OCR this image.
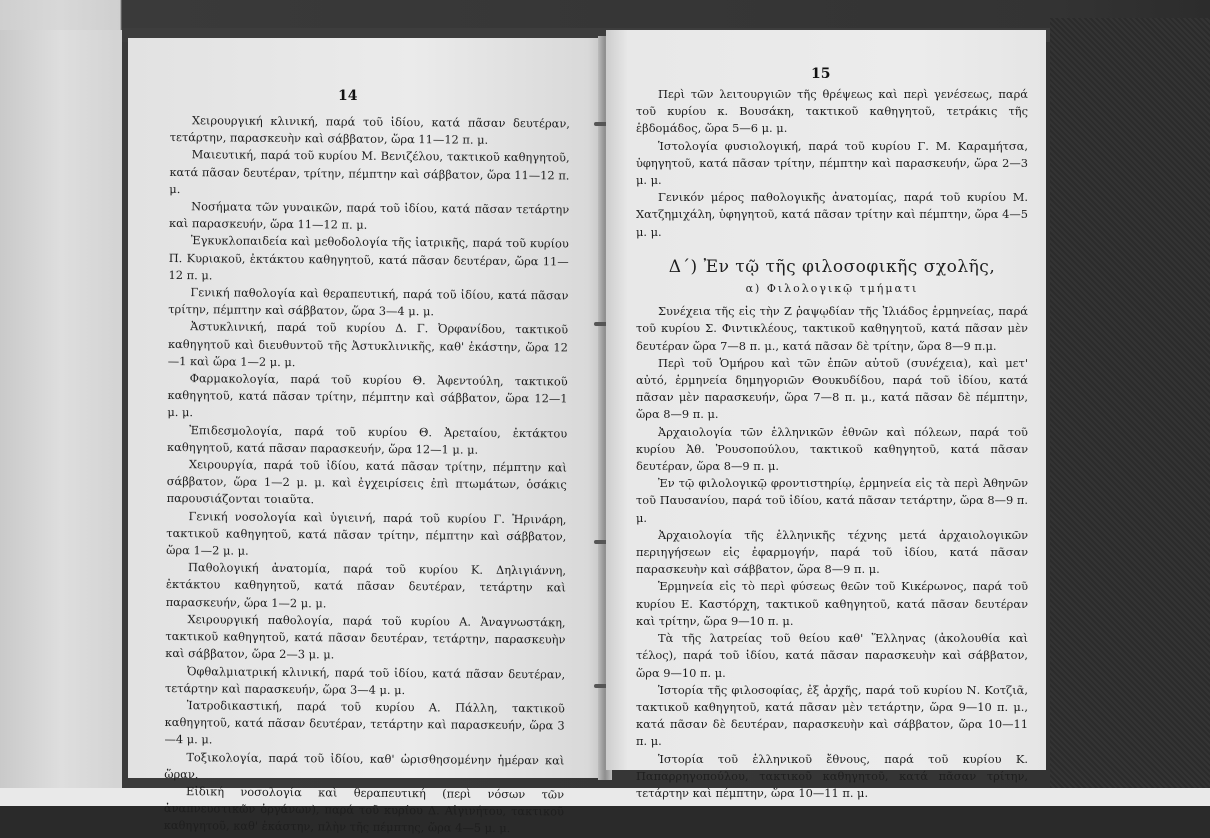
14

Χειρουργική κλινική, παρά τοῦ ἰδίου, κατά πᾶσαν δευτέραν, τετάρτην, παρασκευὴν καὶ σάββατον, ὥρα 11—12 π. μ.

Μαιευτική, παρά τοῦ κυρίου Μ. Βενιζέλου, τακτικοῦ καθηγητοῦ, κατά πᾶσαν δευτέραν, τρίτην, πέμπτην καὶ σάββατον, ὥρα 11—12 π. μ.

Νοσήματα τῶν γυναικῶν, παρά τοῦ ἰδίου, κατά πᾶσαν τετάρτην καὶ παρασκευήν, ὥρα 11—12 π. μ.

Ἐγκυκλοπαιδεία καὶ μεθοδολογία τῆς ἰατρικῆς, παρά τοῦ κυρίου Π. Κυριακοῦ, ἐκτάκτου καθηγητοῦ, κατά πᾶσαν δευτέραν, ὥρα 11—12 π. μ.

Γενική παθολογία καὶ θεραπευτική, παρά τοῦ ἰδίου, κατά πᾶσαν τρίτην, πέμπτην καὶ σάββατον, ὥρα 3—4 μ. μ.

Ἀστυκλινική, παρά τοῦ κυρίου Δ. Γ. Ὀρφανίδου, τακτικοῦ καθηγητοῦ καὶ διευθυντοῦ τῆς Ἀστυκλινικῆς, καθ' ἑκάστην, ὥρα 12—1 καὶ ὥρα 1—2 μ. μ.

Φαρμακολογία, παρά τοῦ κυρίου Θ. Ἀφεντούλη, τακτικοῦ καθηγητοῦ, κατά πᾶσαν τρίτην, πέμπτην καὶ σάββατον, ὥρα 12—1 μ. μ.

Ἐπιδεσμολογία, παρά τοῦ κυρίου Θ. Ἀρεταίου, ἐκτάκτου καθηγητοῦ, κατά πᾶσαν παρασκευήν, ὥρα 12—1 μ. μ.

Χειρουργία, παρά τοῦ ἰδίου, κατά πᾶσαν τρίτην, πέμπτην καὶ σάββατον, ὥρα 1—2 μ. μ. καὶ ἐγχειρίσεις ἐπὶ πτωμάτων, ὁσάκις παρουσιάζονται τοιαῦτα.

Γενική νοσολογία καὶ ὑγιεινή, παρά τοῦ κυρίου Γ. Ἠρινάρη, τακτικοῦ καθηγητοῦ, κατά πᾶσαν τρίτην, πέμπτην καὶ σάββατον, ὥρα 1—2 μ. μ.

Παθολογική ἀνατομία, παρά τοῦ κυρίου Κ. Δηλιγιάννη, ἐκτάκτου καθηγητοῦ, κατά πᾶσαν δευτέραν, τετάρτην καὶ παρασκευήν, ὥρα 1—2 μ. μ.

Χειρουργική παθολογία, παρά τοῦ κυρίου Α. Ἀναγνωστάκη, τακτικοῦ καθηγητοῦ, κατά πᾶσαν δευτέραν, τετάρτην, παρασκευὴν καὶ σάββατον, ὥρα 2—3 μ. μ.

Ὀφθαλμιατρική κλινική, παρά τοῦ ἰδίου, κατά πᾶσαν δευτέραν, τετάρτην καὶ παρασκευήν, ὥρα 3—4 μ. μ.

Ἰατροδικαστική, παρά τοῦ κυρίου Α. Πάλλη, τακτικοῦ καθηγητοῦ, κατά πᾶσαν δευτέραν, τετάρτην καὶ παρασκευήν, ὥρα 3—4 μ. μ.

Τοξικολογία, παρά τοῦ ἰδίου, καθ' ὡρισθησομένην ἡμέραν καὶ ὥραν.

Εἰδική νοσολογία καὶ θεραπευτική (περὶ νόσων τῶν ἀναπνευστικῶν ὀργάνων), παρά τοῦ κυρίου Δ. Αἰγινήτου, τακτικοῦ καθηγητοῦ, καθ' ἑκάστην, πλὴν τῆς πέμπτης, ὥρα 4—5 μ. μ.

15

Περὶ τῶν λειτουργιῶν τῆς θρέψεως καὶ περὶ γενέσεως, παρά τοῦ κυρίου κ. Βουσάκη, τακτικοῦ καθηγητοῦ, τετράκις τῆς ἑβδομάδος, ὥρα 5—6 μ. μ.

Ἱστολογία φυσιολογική, παρά τοῦ κυρίου Γ. Μ. Καραμήτσα, ὑφηγητοῦ, κατά πᾶσαν τρίτην, πέμπτην καὶ παρασκευήν, ὥρα 2—3 μ. μ.

Γενικόν μέρος παθολογικῆς ἀνατομίας, παρά τοῦ κυρίου Μ. Χατζημιχάλη, ὑφηγητοῦ, κατά πᾶσαν τρίτην καὶ πέμπτην, ὥρα 4—5 μ. μ.

Δ΄) Ἐν τῷ τῆς φιλοσοφικῆς σχολῆς,
α) Φιλολογικῷ τμήματι

Συνέχεια τῆς εἰς τὴν Ζ ῥαψῳδίαν τῆς Ἰλιάδος ἑρμηνείας, παρά τοῦ κυρίου Σ. Φιντικλέους, τακτικοῦ καθηγητοῦ, κατά πᾶσαν μὲν δευτέραν ὥρα 7—8 π. μ., κατά πᾶσαν δὲ τρίτην, ὥρα 8—9 π.μ.

Περὶ τοῦ Ὁμήρου καὶ τῶν ἐπῶν αὐτοῦ (συνέχεια), καὶ μετ' αὐτό, ἑρμηνεία δημηγοριῶν Θουκυδίδου, παρά τοῦ ἰδίου, κατά πᾶσαν μὲν παρασκευήν, ὥρα 7—8 π. μ., κατά πᾶσαν δὲ πέμπτην, ὥρα 8—9 π. μ.

Ἀρχαιολογία τῶν ἑλληνικῶν ἐθνῶν καὶ πόλεων, παρά τοῦ κυρίου Ἀθ. Ῥουσοπούλου, τακτικοῦ καθηγητοῦ, κατά πᾶσαν δευτέραν, ὥρα 8—9 π. μ.

Ἐν τῷ φιλολογικῷ φροντιστηρίῳ, ἑρμηνεία εἰς τὰ περὶ Ἀθηνῶν τοῦ Παυσανίου, παρά τοῦ ἰδίου, κατά πᾶσαν τετάρτην, ὥρα 8—9 π. μ.

Ἀρχαιολογία τῆς ἑλληνικῆς τέχνης μετά ἀρχαιολογικῶν περιηγήσεων εἰς ἐφαρμογήν, παρά τοῦ ἰδίου, κατά πᾶσαν παρασκευὴν καὶ σάββατον, ὥρα 8—9 π. μ.

Ἑρμηνεία εἰς τὸ περὶ φύσεως θεῶν τοῦ Κικέρωνος, παρά τοῦ κυρίου Ε. Καστόρχη, τακτικοῦ καθηγητοῦ, κατά πᾶσαν δευτέραν καὶ τρίτην, ὥρα 9—10 π. μ.

Τὰ τῆς λατρείας τοῦ θείου καθ' Ἕλληνας (ἀκολουθία καὶ τέλος), παρά τοῦ ἰδίου, κατά πᾶσαν παρασκευὴν καὶ σάββατον, ὥρα 9—10 π. μ.

Ἱστορία τῆς φιλοσοφίας, ἐξ ἀρχῆς, παρά τοῦ κυρίου Ν. Κοτζιᾶ, τακτικοῦ καθηγητοῦ, κατά πᾶσαν μὲν τετάρτην, ὥρα 9—10 π. μ., κατά πᾶσαν δὲ δευτέραν, παρασκευὴν καὶ σάββατον, ὥρα 10—11 π. μ.

Ἱστορία τοῦ ἑλληνικοῦ ἔθνους, παρά τοῦ κυρίου Κ. Παπαρρηγοπούλου, τακτικοῦ καθηγητοῦ, κατά πᾶσαν τρίτην, τετάρτην καὶ πέμπτην, ὥρα 10—11 π. μ.
